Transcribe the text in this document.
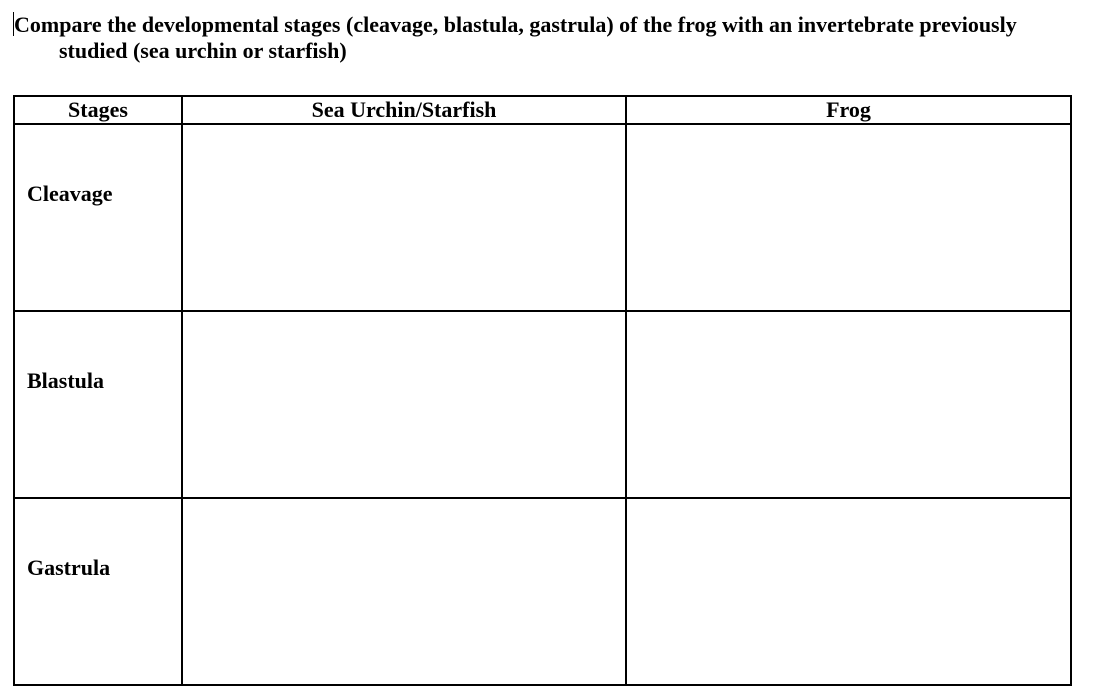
Compare the developmental stages (cleavage, blastula, gastrula) of the frog with an invertebrate previously
studied (sea urchin or starfish)
Stages	Sea Urchin/Starfish	Frog

Cleavage		

Blastula		

Gastrula		
